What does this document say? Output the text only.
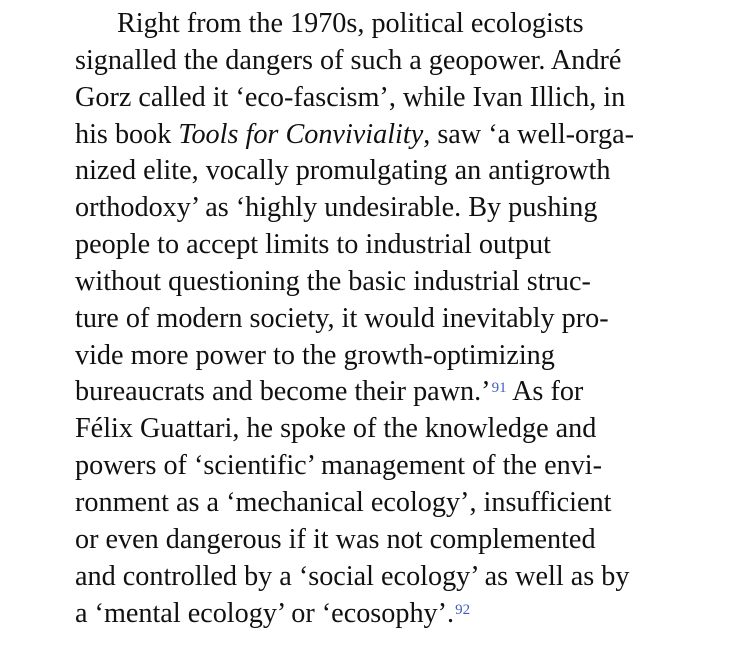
Right from the 1970s, political ecologists
signalled the dangers of such a geopower. André
Gorz called it ‘eco-fascism’, while Ivan Illich, in
his book Tools for Conviviality, saw ‘a well-orga-
nized elite, vocally promulgating an antigrowth
orthodoxy’ as ‘highly undesirable. By pushing
people to accept limits to industrial output
without questioning the basic industrial struc-
ture of modern society, it would inevitably pro-
vide more power to the growth-optimizing
bureaucrats and become their pawn.’$^{91}$ As for
Félix Guattari, he spoke of the knowledge and
powers of ‘scientific’ management of the envi-
ronment as a ‘mechanical ecology’, insufficient
or even dangerous if it was not complemented
and controlled by a ‘social ecology’ as well as by
a ‘mental ecology’ or ‘ecosophy’.$^{92}$
